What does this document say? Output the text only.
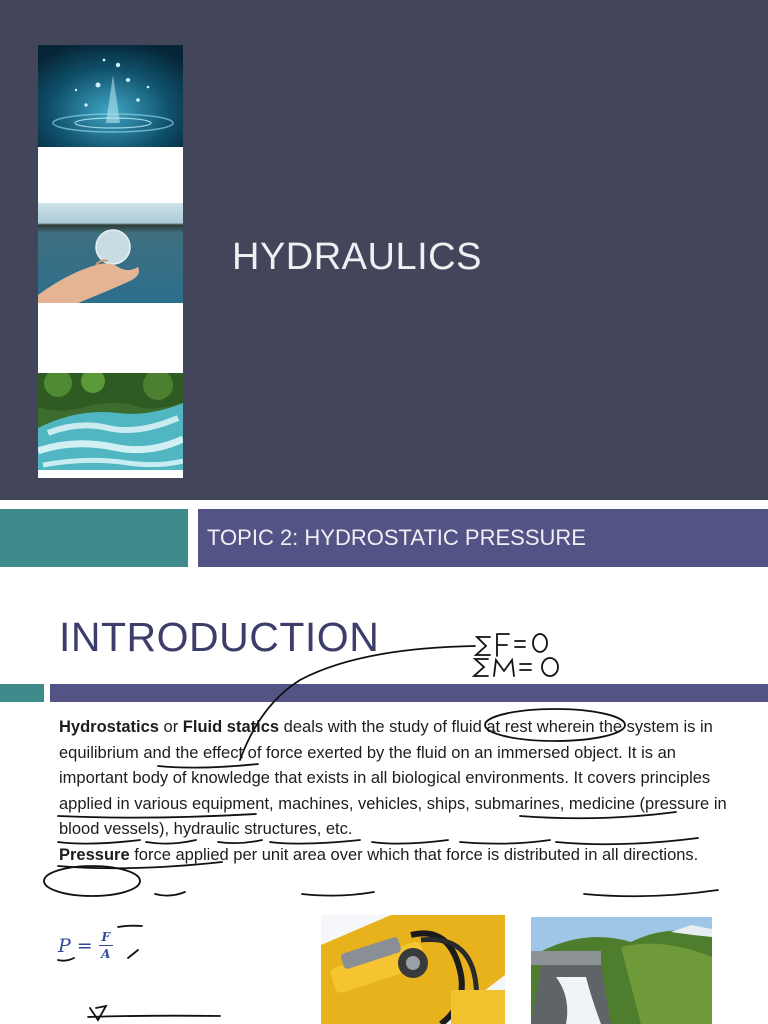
HYDRAULICS
TOPIC 2: HYDROSTATIC PRESSURE
INTRODUCTION

Hydrostatics or Fluid statics deals with the study of fluid at rest wherein the system is in equilibrium and the effect of force exerted by the fluid on an immersed object. It is an important body of knowledge that exists in all biological environments. It covers principles applied in various equipment, machines, vehicles, ships, submarines, medicine (pressure in blood vessels), hydraulic structures, etc.

Pressure force applied per unit area over which that force is distributed in all directions.

$P = \frac{F}{A}$
